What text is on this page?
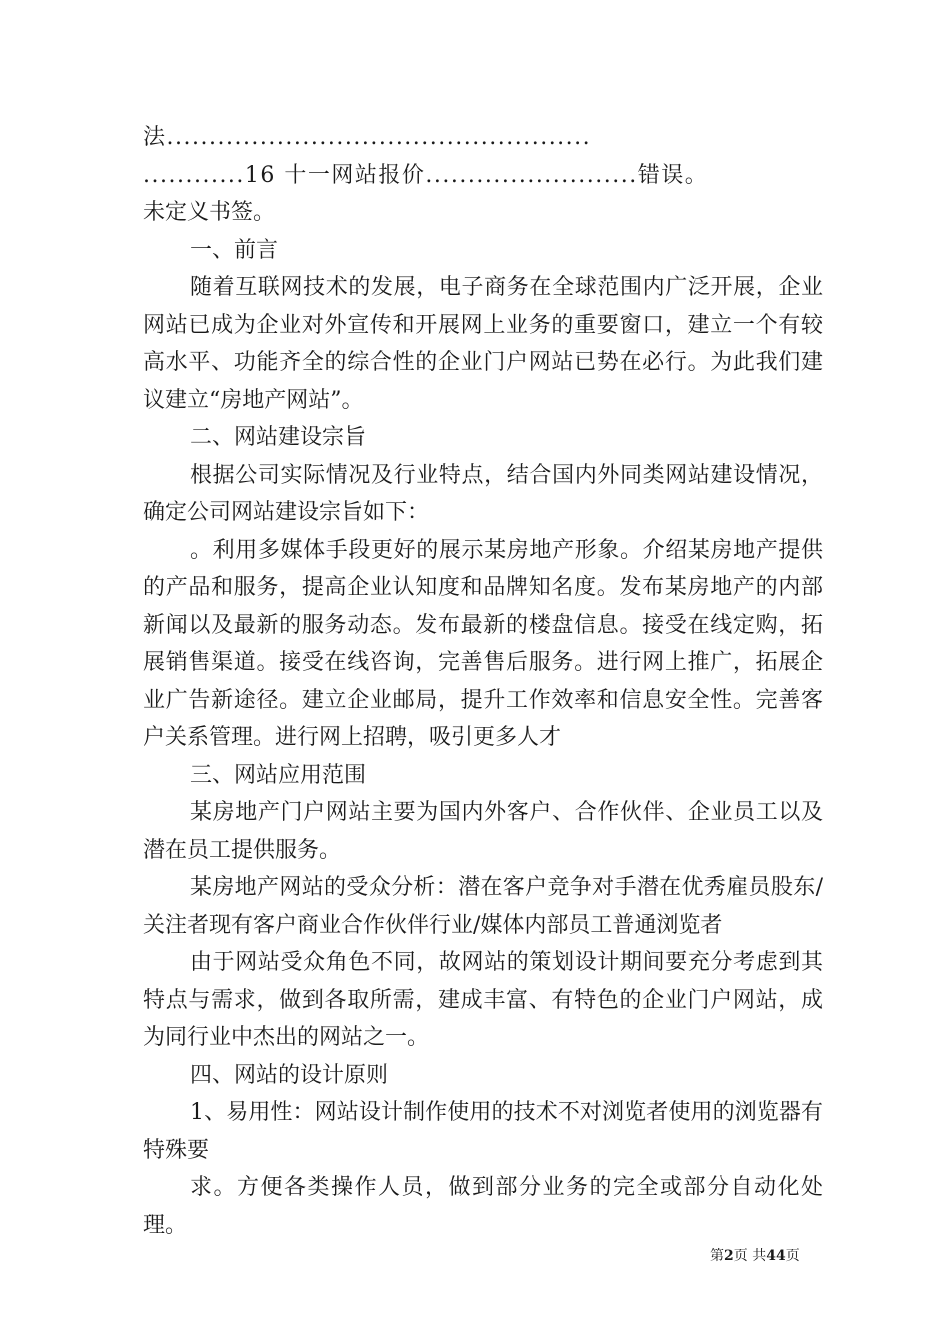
法..................................................
............16 十一网站报价.........................错误。
未定义书签。
一、前言
随着互联网技术的发展，电子商务在全球范围内广泛开展，企业网站已成为企业对外宣传和开展网上业务的重要窗口，建立一个有较高水平、功能齐全的综合性的企业门户网站已势在必行。为此我们建议建立“房地产网站”。
二、网站建设宗旨
根据公司实际情况及行业特点，结合国内外同类网站建设情况，确定公司网站建设宗旨如下：
。利用多媒体手段更好的展示某房地产形象。介绍某房地产提供的产品和服务，提高企业认知度和品牌知名度。发布某房地产的内部新闻以及最新的服务动态。发布最新的楼盘信息。接受在线定购，拓展销售渠道。接受在线咨询，完善售后服务。进行网上推广，拓展企业广告新途径。建立企业邮局，提升工作效率和信息安全性。完善客户关系管理。进行网上招聘，吸引更多人才
三、网站应用范围
某房地产门户网站主要为国内外客户、合作伙伴、企业员工以及潜在员工提供服务。
某房地产网站的受众分析：潜在客户竞争对手潜在优秀雇员股东/关注者现有客户商业合作伙伴行业/媒体内部员工普通浏览者
由于网站受众角色不同，故网站的策划设计期间要充分考虑到其特点与需求，做到各取所需，建成丰富、有特色的企业门户网站，成为同行业中杰出的网站之一。
四、网站的设计原则
1、易用性：网站设计制作使用的技术不对浏览者使用的浏览器有特殊要
求。方便各类操作人员，做到部分业务的完全或部分自动化处理。
第2页 共44页
